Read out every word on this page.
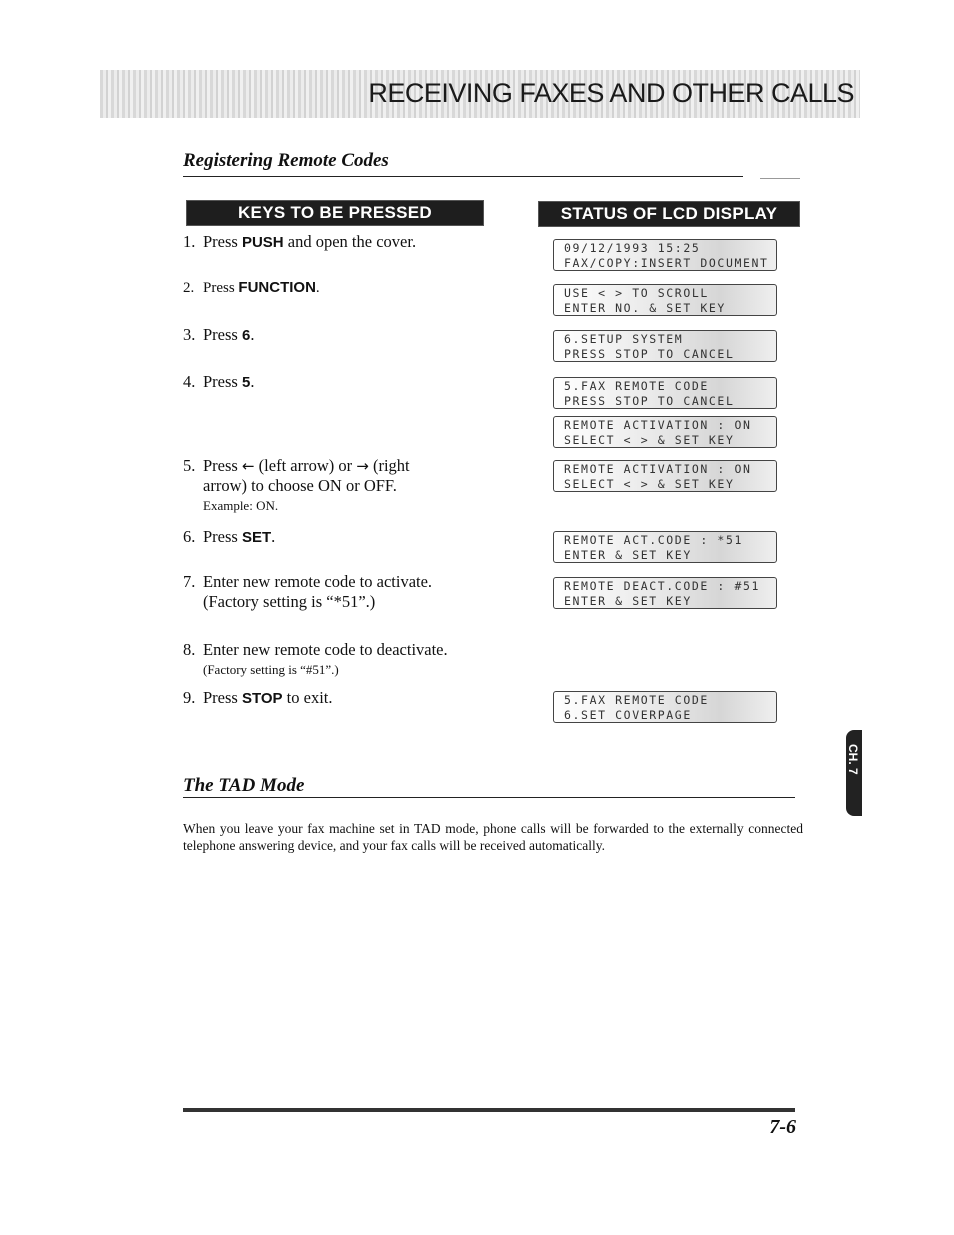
RECEIVING FAXES AND OTHER CALLS
Registering Remote Codes
KEYS TO BE PRESSED	STATUS OF LCD DISPLAY
1. Press PUSH and open the cover.
2. Press FUNCTION.
3. Press 6.
4. Press 5.
5. Press ← (left arrow) or → (right
arrow) to choose ON or OFF.
Example: ON.
6. Press SET.
7. Enter new remote code to activate.
(Factory setting is “*51”.)
8. Enter new remote code to deactivate.
(Factory setting is “#51”.)
9. Press STOP to exit.
09/12/1993 15:25
FAX/COPY:INSERT DOCUMENT
USE < > TO SCROLL
ENTER NO. & SET KEY
6.SETUP SYSTEM
PRESS STOP TO CANCEL
5.FAX REMOTE CODE
PRESS STOP TO CANCEL
REMOTE ACTIVATION : ON
SELECT < > & SET KEY
REMOTE ACTIVATION : ON
SELECT < > & SET KEY
REMOTE ACT.CODE : *51
ENTER & SET KEY
REMOTE DEACT.CODE : #51
ENTER & SET KEY
5.FAX REMOTE CODE
6.SET COVERPAGE
The TAD Mode
When you leave your fax machine set in TAD mode, phone calls will be forwarded to the externally connected telephone answering device, and your fax calls will be received automatically.
CH. 7
7-6
